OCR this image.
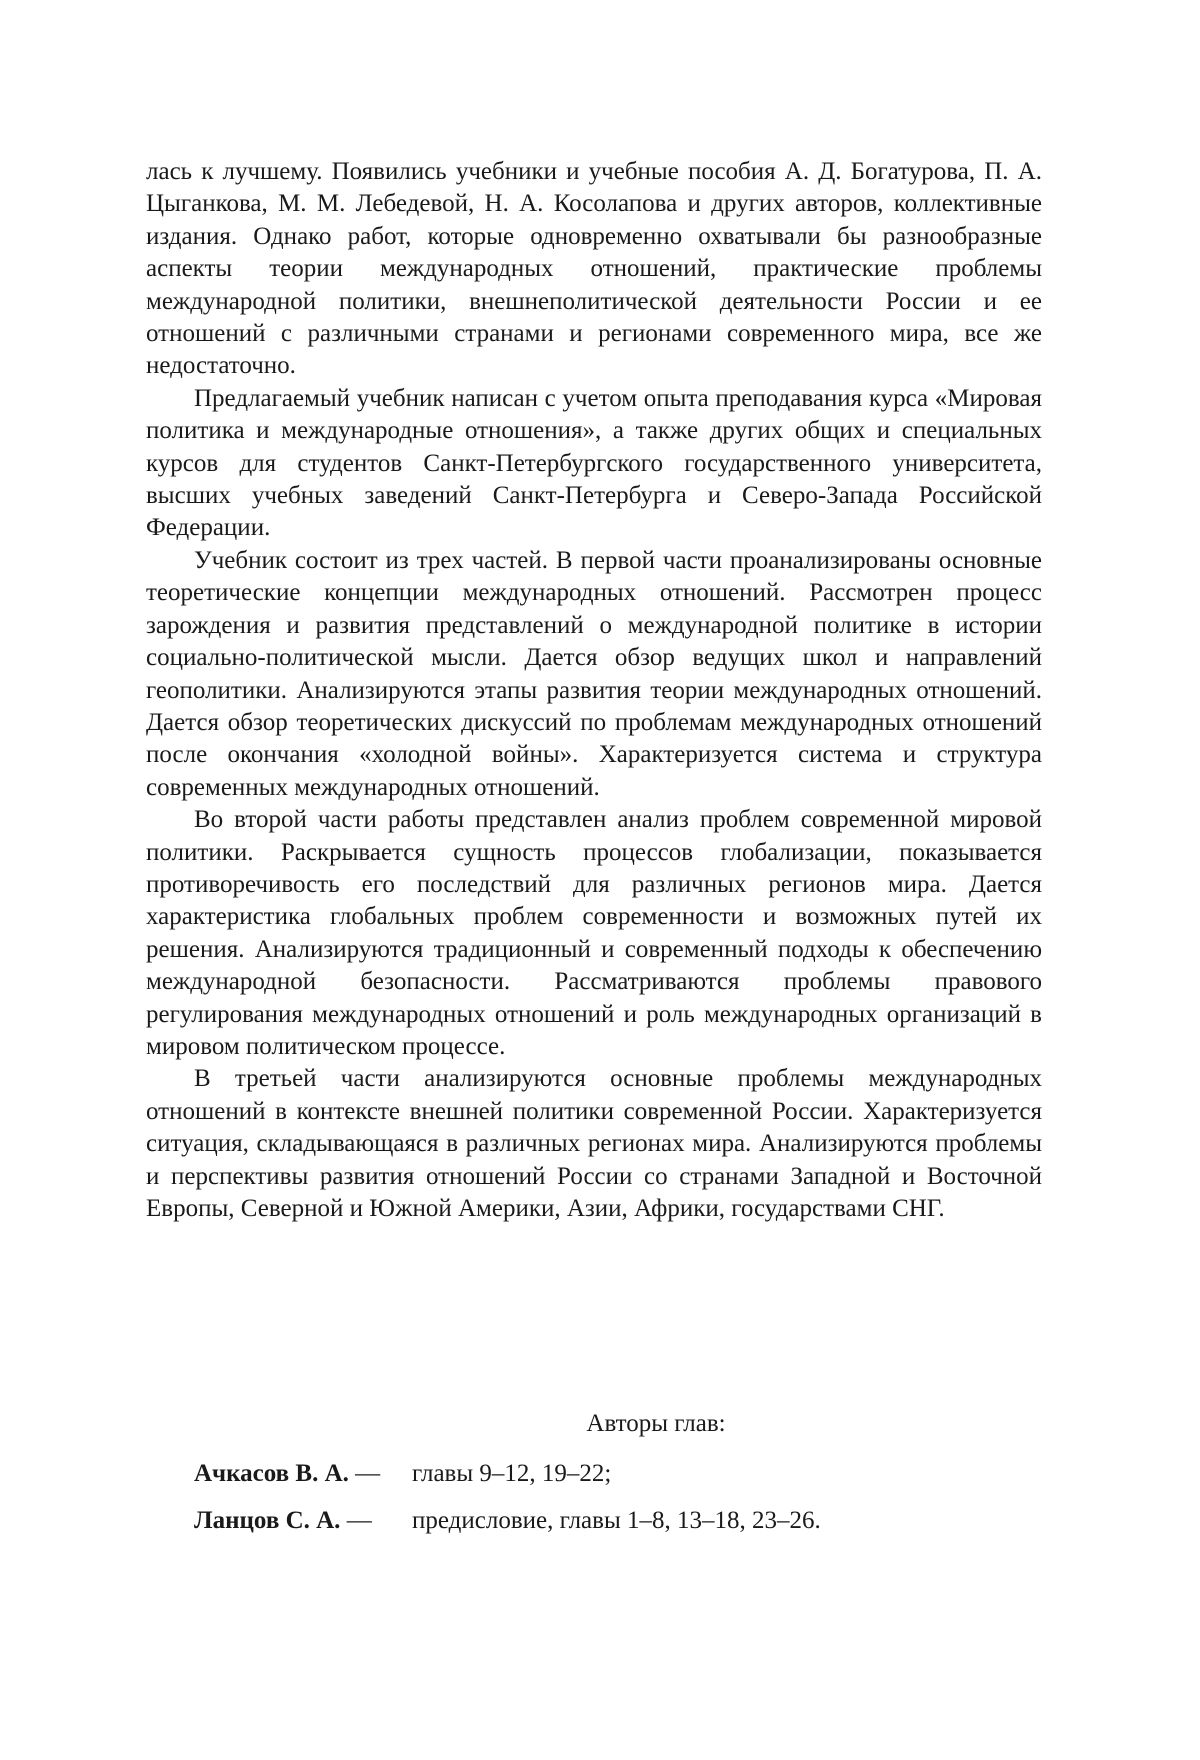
лась к лучшему. Появились учебники и учебные пособия А. Д. Богатурова, П. А. Цыганкова, М. М. Лебедевой, Н. А. Косолапова и других авторов, коллективные издания. Однако работ, которые одновременно охватывали бы разнообразные аспекты теории международных отношений, практические проблемы международной политики, внешнеполитической деятельности России и ее отношений с различными странами и регионами современного мира, все же недостаточно.

Предлагаемый учебник написан с учетом опыта преподавания курса «Мировая политика и международные отношения», а также других общих и специальных курсов для студентов Санкт-Петербургского государственного университета, высших учебных заведений Санкт-Петербурга и Северо-Запада Российской Федерации.

Учебник состоит из трех частей. В первой части проанализированы основные теоретические концепции международных отношений. Рассмотрен процесс зарождения и развития представлений о международной политике в истории социально-политической мысли. Дается обзор ведущих школ и направлений геополитики. Анализируются этапы развития теории международных отношений. Дается обзор теоретических дискуссий по проблемам международных отношений после окончания «холодной войны». Характеризуется система и структура современных международных отношений.

Во второй части работы представлен анализ проблем современной мировой политики. Раскрывается сущность процессов глобализации, показывается противоречивость его последствий для различных регионов мира. Дается характеристика глобальных проблем современности и возможных путей их решения. Анализируются традиционный и современный подходы к обеспечению международной безопасности. Рассматриваются проблемы правового регулирования международных отношений и роль международных организаций в мировом политическом процессе.

В третьей части анализируются основные проблемы международных отношений в контексте внешней политики современной России. Характеризуется ситуация, складывающаяся в различных регионах мира. Анализируются проблемы и перспективы развития отношений России со странами Западной и Восточной Европы, Северной и Южной Америки, Азии, Африки, государствами СНГ.

Авторы глав:

Ачкасов В. А. —	главы 9–12, 19–22;
Ланцов С. А. —	предисловие, главы 1–8, 13–18, 23–26.
